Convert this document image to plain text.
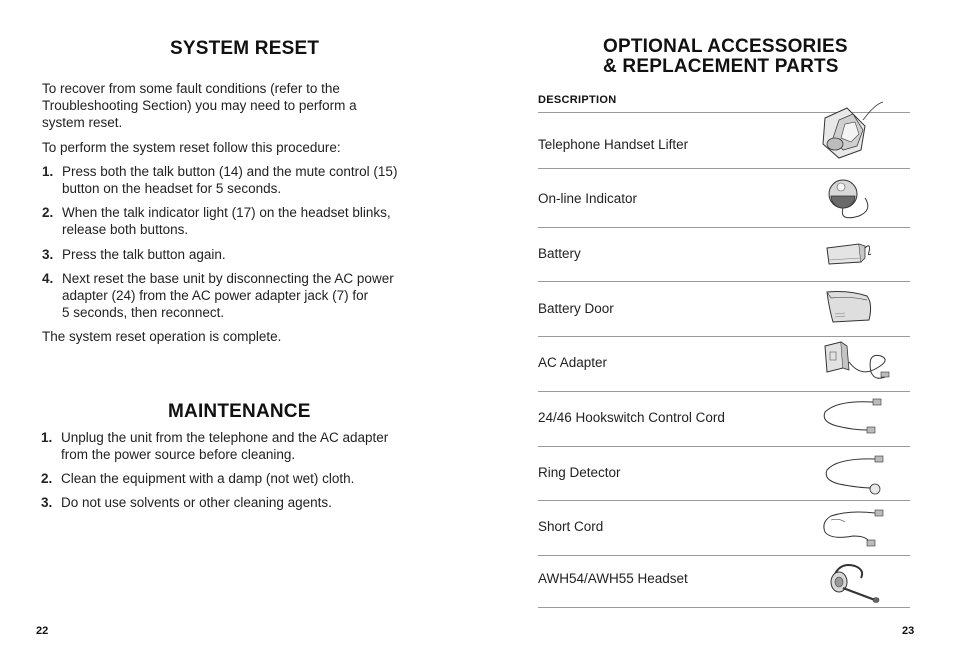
SYSTEM RESET

To recover from some fault conditions (refer to the

Troubleshooting Section) you may need to perform a

system reset.

To perform the system reset follow this procedure:

1. Press both the talk button (14) and the mute control (15)
button on the headset for 5 seconds.
2. When the talk indicator light (17) on the headset blinks,
release both buttons.
3. Press the talk button again.
4. Next reset the base unit by disconnecting the AC power
adapter (24) from the AC power adapter jack (7) for
5 seconds, then reconnect.

The system reset operation is complete.

MAINTENANCE
1. Unplug the unit from the telephone and the AC adapter
from the power source before cleaning.
2. Clean the equipment with a damp (not wet) cloth.
3. Do not use solvents or other cleaning agents.
22
OPTIONAL ACCESSORIES
& REPLACEMENT PARTS
DESCRIPTION
Telephone Handset Lifter
On-line Indicator
Battery
Battery Door
AC Adapter
24/46 Hookswitch Control Cord
Ring Detector
Short Cord
AWH54/AWH55 Headset
23
